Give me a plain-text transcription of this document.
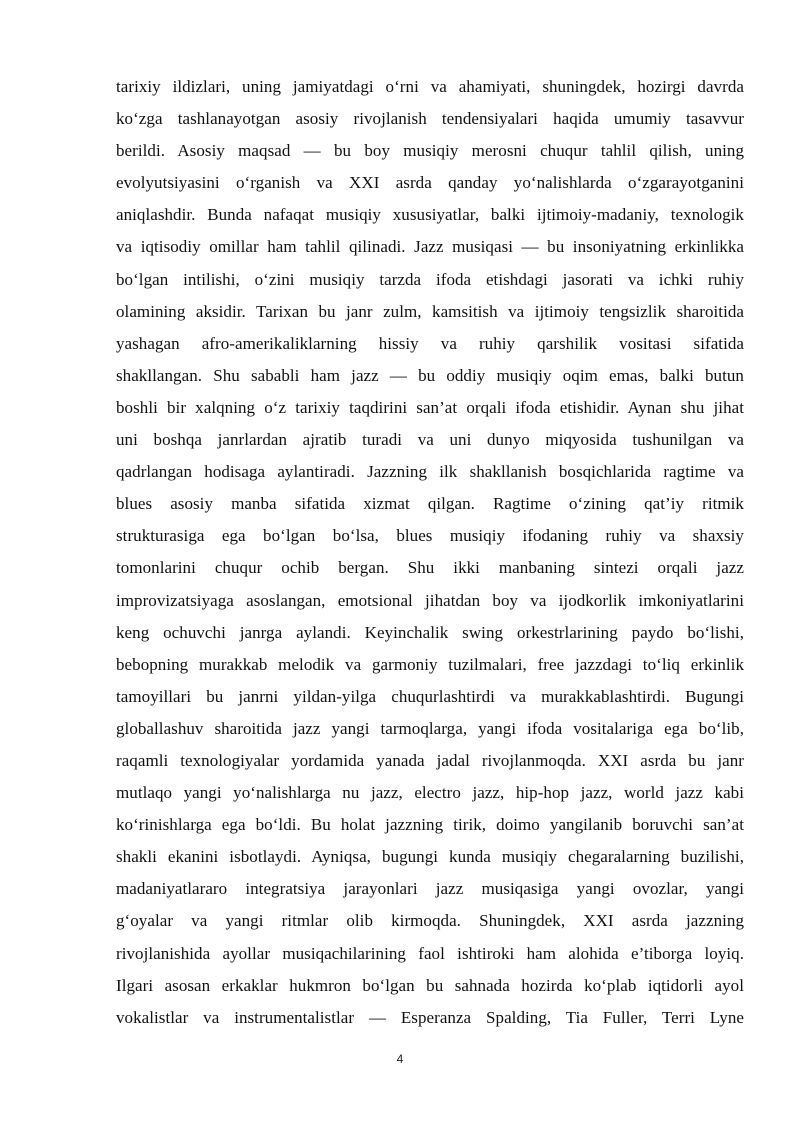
tarixiy ildizlari, uning jamiyatdagi o‘rni va ahamiyati, shuningdek, hozirgi davrda
ko‘zga tashlanayotgan asosiy rivojlanish tendensiyalari haqida umumiy tasavvur
berildi. Asosiy maqsad — bu boy musiqiy merosni chuqur tahlil qilish, uning
evolyutsiyasini o‘rganish va XXI asrda qanday yo‘nalishlarda o‘zgarayotganini
aniqlashdir. Bunda nafaqat musiqiy xususiyatlar, balki ijtimoiy-madaniy, texnologik
va iqtisodiy omillar ham tahlil qilinadi. Jazz musiqasi — bu insoniyatning erkinlikka
bo‘lgan intilishi, o‘zini musiqiy tarzda ifoda etishdagi jasorati va ichki ruhiy
olamining aksidir. Tarixan bu janr zulm, kamsitish va ijtimoiy tengsizlik sharoitida
yashagan afro-amerikaliklarning hissiy va ruhiy qarshilik vositasi sifatida
shakllangan. Shu sababli ham jazz — bu oddiy musiqiy oqim emas, balki butun
boshli bir xalqning o‘z tarixiy taqdirini san’at orqali ifoda etishidir. Aynan shu jihat
uni boshqa janrlardan ajratib turadi va uni dunyo miqyosida tushunilgan va
qadrlangan hodisaga aylantiradi. Jazzning ilk shakllanish bosqichlarida ragtime va
blues asosiy manba sifatida xizmat qilgan. Ragtime o‘zining qat’iy ritmik
strukturasiga ega bo‘lgan bo‘lsa, blues musiqiy ifodaning ruhiy va shaxsiy
tomonlarini chuqur ochib bergan. Shu ikki manbaning sintezi orqali jazz
improvizatsiyaga asoslangan, emotsional jihatdan boy va ijodkorlik imkoniyatlarini
keng ochuvchi janrga aylandi. Keyinchalik swing orkestrlarining paydo bo‘lishi,
bebopning murakkab melodik va garmoniy tuzilmalari, free jazzdagi to‘liq erkinlik
tamoyillari bu janrni yildan-yilga chuqurlashtirdi va murakkablashtirdi. Bugungi
globallashuv sharoitida jazz yangi tarmoqlarga, yangi ifoda vositalariga ega bo‘lib,
raqamli texnologiyalar yordamida yanada jadal rivojlanmoqda. XXI asrda bu janr
mutlaqo yangi yo‘nalishlarga nu jazz, electro jazz, hip-hop jazz, world jazz kabi
ko‘rinishlarga ega bo‘ldi. Bu holat jazzning tirik, doimo yangilanib boruvchi san’at
shakli ekanini isbotlaydi. Ayniqsa, bugungi kunda musiqiy chegaralarning buzilishi,
madaniyatlararo integratsiya jarayonlari jazz musiqasiga yangi ovozlar, yangi
g‘oyalar va yangi ritmlar olib kirmoqda. Shuningdek, XXI asrda jazzning
rivojlanishida ayollar musiqachilarining faol ishtiroki ham alohida e’tiborga loyiq.
Ilgari asosan erkaklar hukmron bo‘lgan bu sahnada hozirda ko‘plab iqtidorli ayol
vokalistlar va instrumentalistlar — Esperanza Spalding, Tia Fuller, Terri Lyne
4
